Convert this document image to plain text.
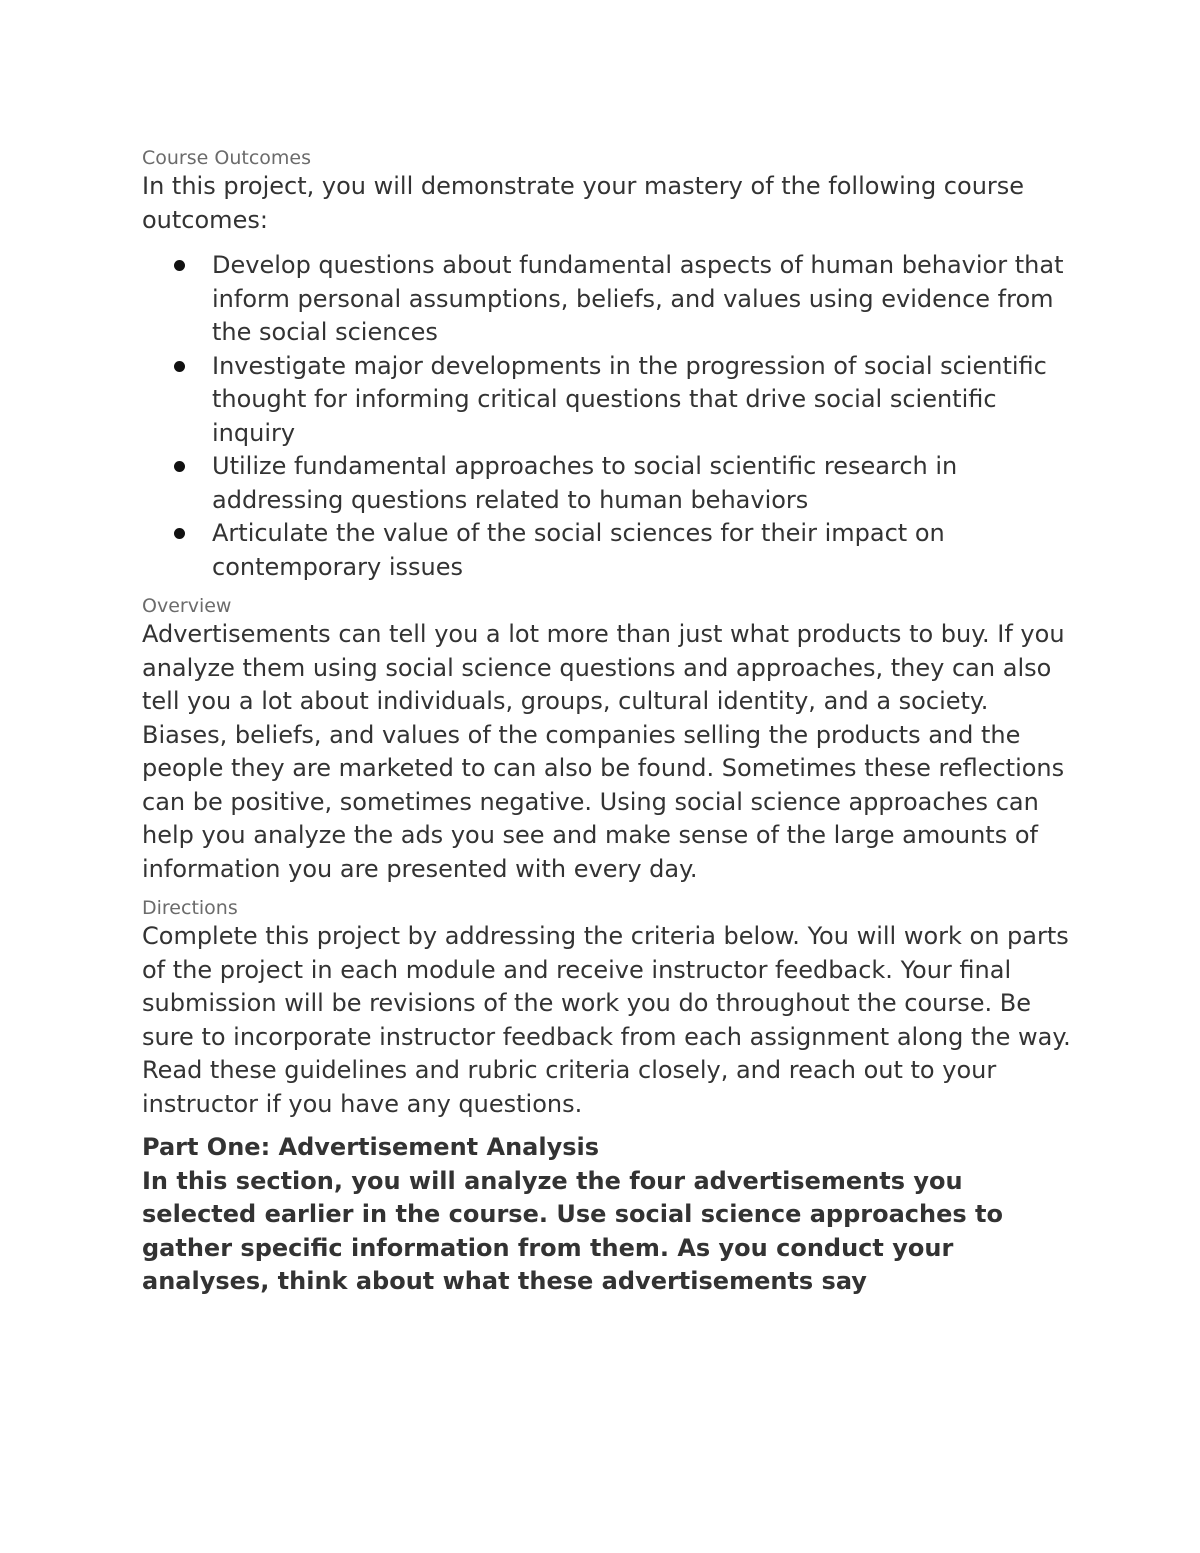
Course Outcomes

In this project, you will demonstrate your mastery of the following course outcomes:

Develop questions about fundamental aspects of human behavior that inform personal assumptions, beliefs, and values using evidence from the social sciences
Investigate major developments in the progression of social scientific thought for informing critical questions that drive social scientific inquiry
Utilize fundamental approaches to social scientific research in addressing questions related to human behaviors
Articulate the value of the social sciences for their impact on contemporary issues
Overview

Advertisements can tell you a lot more than just what products to buy. If you analyze them using social science questions and approaches, they can also tell you a lot about individuals, groups, cultural identity, and a society. Biases, beliefs, and values of the companies selling the products and the people they are marketed to can also be found. Sometimes these reflections can be positive, sometimes negative. Using social science approaches can help you analyze the ads you see and make sense of the large amounts of information you are presented with every day.

Directions

Complete this project by addressing the criteria below. You will work on parts of the project in each module and receive instructor feedback. Your final submission will be revisions of the work you do throughout the course. Be sure to incorporate instructor feedback from each assignment along the way. Read these guidelines and rubric criteria closely, and reach out to your instructor if you have any questions.

Part One: Advertisement Analysis

In this section, you will analyze the four advertisements you selected earlier in the course. Use social science approaches to gather specific information from them. As you conduct your analyses, think about what these advertisements say
